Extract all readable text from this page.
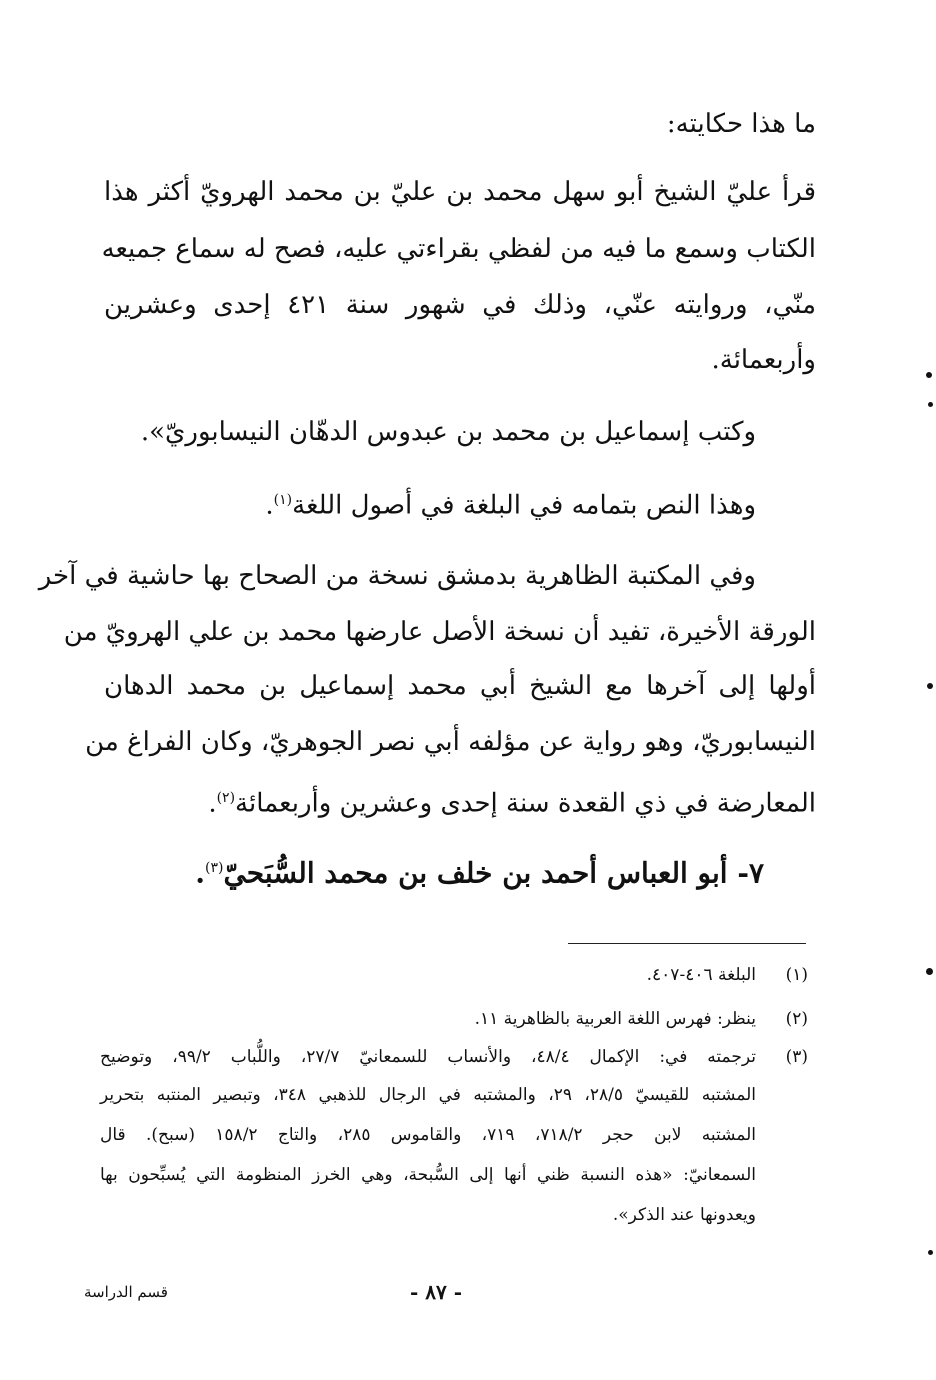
ما هذا حكايته:
قرأ عليّ الشيخ أبو سهل محمد بن عليّ بن محمد الهرويّ أكثر هذا
الكتاب وسمع ما فيه من لفظي بقراءتي عليه، فصح له سماع جميعه
منّي، وروايته عنّي، وذلك في شهور سنة ٤٢١ إحدى وعشرين
وأربعمائة.
وكتب إسماعيل بن محمد بن عبدوس الدهّان النيسابوريّ».
وهذا النص بتمامه في البلغة في أصول اللغة$^{(١)}$.
وفي المكتبة الظاهرية بدمشق نسخة من الصحاح بها حاشية في آخر
الورقة الأخيرة، تفيد أن نسخة الأصل عارضها محمد بن علي الهرويّ من
أولها إلى آخرها مع الشيخ أبي محمد إسماعيل بن محمد الدهان
النيسابوريّ، وهو رواية عن مؤلفه أبي نصر الجوهريّ، وكان الفراغ من
المعارضة في ذي القعدة سنة إحدى وعشرين وأربعمائة$^{(٢)}$.
٧- أبو العباس أحمد بن خلف بن محمد السُّبَحيّ$^{(٣)}$.
(١)
البلغة ٤٠٦-٤٠٧.
(٢)
ينظر: فهرس اللغة العربية بالظاهرية ١١.
(٣)
ترجمته في: الإكمال ٤٨/٤، والأنساب للسمعانيّ ٢٧/٧، واللُّباب ٩٩/٢، وتوضيح
المشتبه للقيسيّ ٢٨/٥، ٢٩، والمشتبه في الرجال للذهبي ٣٤٨، وتبصير المنتبه بتحرير
المشتبه لابن حجر ٧١٨/٢، ٧١٩، والقاموس ٢٨٥، والتاج ١٥٨/٢ (سبح). قال
السمعانيّ: «هذه النسبة ظني أنها إلى السُّبحة، وهي الخرز المنظومة التي يُسبِّحون بها
ويعدونها عند الذكر».
- ٨٧ -
قسم الدراسة
